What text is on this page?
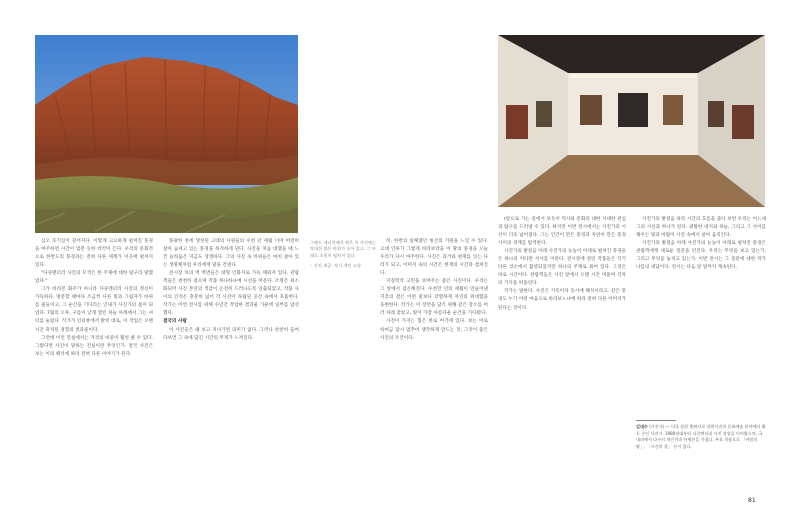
심오 호기심이 깊어지다. 이렇게 고요하게 펼쳐진 풍경을 마주하면 시간이 멈춘 듯한 착각이 든다. 우리의 문화적으로 한반도의 풍경과는 전혀 다른 세계가 이곳에 펼쳐져 있다.

"다큐멘터리 사진의 모색은 한 주제에 대한 탐구라 말했었다."

그가 바라본 화주가 아니라 다큐멘터리 사진의 정신이 가득하다. 방문할 때마다 조금씩 다른 빛과 그림자가 바위를 물들이고, 그 순간을 기다리는 인내가 사진가의 몫이 되었다. 7월의 오후, 구름이 낮게 깔린 하늘 아래에서 그는 셔터를 눌렀다. 작가가 인터뷰에서 밝힌 대로, 이 작업은 오랜 시간 축적된 경험의 결과물이다.

그런데 이런 진실에서는 거짓의 비중이 훨씬 클 수 있다. 그렇다면 사진이 말하는 진실이란 무엇인가. 결국 사진은 보는 이의 해석에 따라 전혀 다른 이야기가 된다.

풍광한 정에 생성된 고대의 시원들의 수천 년 세월 너머 여전히 살아 숨쉬고 있는 풍경을 목격하게 된다. 사진을 처음 대했을 때 느낀 놀라움은 지금도 생생하다. 그의 사진 속 바위들은 마치 살아 있는 생명체처럼 우리에게 말을 건넨다.

전시장 차의 벽 벽면들은 대형 인화지로 가득 채워져 있다. 관람객들은 천천히 걸으며 작품 하나하나에 시선을 머문다. 조명은 최소화되어 사진 본연의 색감이 온전히 드러나도록 연출되었고, 작품 사이의 간격은 충분히 넓어 각 사진이 독립된 공간 속에서 호흡한다. 작가는 이번 전시를 위해 수년간 작업한 결과물 가운데 일부를 엄선했다.

결국의 사람

이 사진들은 왜 보고 지나가면 의미가 없다. 그러나 찬찬히 들여다보면 그 속에 담긴 시간의 무게가 느껴진다.

그랜드 캐니언에서 찍은 이 사진에는 장대한 붉은 바위가 솟아 있고, 그 아래로 초원이 펼쳐져 있다.

◦ 사진 제공: 작가 개인 소장

히, 한반의 일체였던 빙산의 기원을 느낄 수 있다. 고대 인류가 그렇게 바라보았을 이 땅의 풍경을 오늘 우리가 다시 마주한다. 사진은 과거와 현재를 잇는 다리가 되고, 이미지 속의 시간은 현재의 시간과 겹쳐진다.

지질학적 고민을 보여주는 좋은 사진이다. 우리는 그 앞에서 겸손해진다. 수천만 년의 세월이 만들어낸 지층의 결은 어떤 말보다 강렬하게 자연의 위대함을 웅변한다. 작가는 이 장면을 담기 위해 같은 장소를 여러 차례 찾았고, 빛이 가장 아름다운 순간을 기다렸다.

사진이 가지는 힘은 바로 여기에 있다. 보는 이로 하여금 잠시 멈추어 생각하게 만드는 것, 그것이 좋은 사진의 조건이다.

(항으로 가는 길에서 보듯이 역사와 문화의 대한 지대한 관심과 탐구를 드러낼 수 있다. 하지만 이번 전시에서는 사진가의 시선이 더욱 넓어졌다. 그는 인간이 만든 풍경과 자연이 만든 풍경 사이의 경계를 탐색한다.

사진가의 발걸음 아래 사진가의 눈높이 아래로 펼쳐진 풍경들은 하나의 커다란 서사를 이룬다. 전시장에 걸린 작품들은 각기 다른 장소에서 촬영되었지만 하나의 주제로 묶여 있다. 그것은 바로 시간이다. 관람객들은 사진 앞에서 오랜 시간 머물며 각자의 기억을 떠올린다.

작가는 말한다. 사진은 기록이자 동시에 해석이라고. 같은 풍경도 누가 어떤 마음으로 바라보느냐에 따라 전혀 다른 이미지가 된다는 것이다.

사진가의 발걸음 따라 시간의 흐름을 좇다 보면 우리는 어느새 그의 시선과 하나가 된다. 광활한 대지와 하늘, 그리고 그 사이를 채우는 빛과 바람이 사진 속에서 살아 움직인다.

사진가의 발걸음 아래 사진가의 눈높이 아래로 펼쳐진 풍경은 관람객에게 새로운 질문을 던진다. 우리는 무엇을 보고 있는가, 그리고 무엇을 놓치고 있는가. 이번 전시는 그 질문에 대한 작가 나름의 대답이다. 전시는 다음 달 말까지 계속된다.

김대수 (사진가) — 미국 장편 출판사로 장편사진과 문화예술 분야에서 활동 중인 사진가. 1980년대부터 다큐멘터리 사진 작업을 이어왔으며, 국내외에서 다수의 개인전과 단체전을 가졌다. 주요 작품으로 「바람의 땅」, 「시간의 결」 등이 있다.

81
